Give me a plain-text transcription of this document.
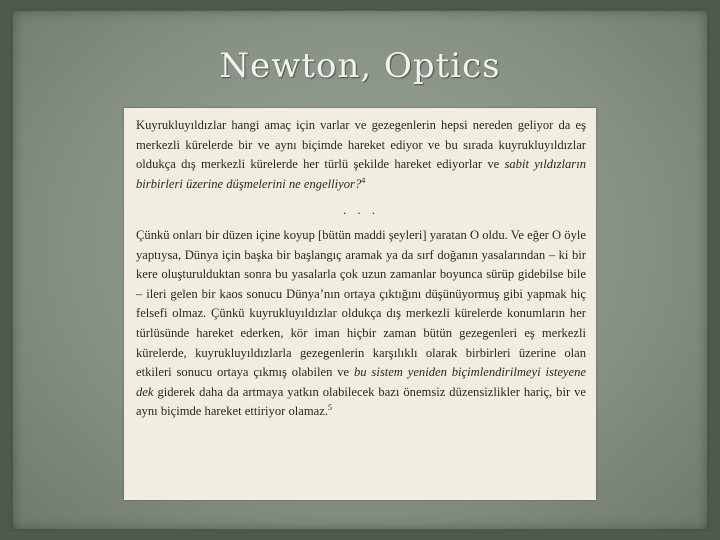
Newton, Optics

Kuyrukluyıldızlar hangi amaç için varlar ve gezegenlerin hepsi nereden geliyor da eş merkezli kürelerde bir ve aynı biçimde hareket ediyor ve bu sırada kuyrukluyıldızlar oldukça dış merkezli kürelerde her türlü şekilde hareket ediyorlar ve sabit yıldızların birbirleri üzerine düşmelerini ne engelliyor?$^4$

. . .

Çünkü onları bir düzen içine koyup [bütün maddi şeyleri] yaratan O oldu. Ve eğer O öyle yaptıysa, Dünya için başka bir başlangıç aramak ya da sırf doğanın yasalarından – ki bir kere oluşturulduktan sonra bu yasalarla çok uzun zamanlar boyunca sürüp gidebilse bile – ileri gelen bir kaos sonucu Dünya’nın ortaya çıktığını düşünüyormuş gibi yapmak hiç felsefi olmaz. Çünkü kuyrukluyıldızlar oldukça dış merkezli kürelerde konumların her türlüsünde hareket ederken, kör iman hiçbir zaman bütün gezegenleri eş merkezli kürelerde, kuyrukluyıldızlarla gezegenlerin karşılıklı olarak birbirleri üzerine olan etkileri sonucu ortaya çıkmış olabilen ve bu sistem yeniden biçimlendirilmeyi isteyene dek giderek daha da artmaya yatkın olabilecek bazı önemsiz düzensizlikler hariç, bir ve aynı biçimde hareket ettiriyor olamaz.$^5$
